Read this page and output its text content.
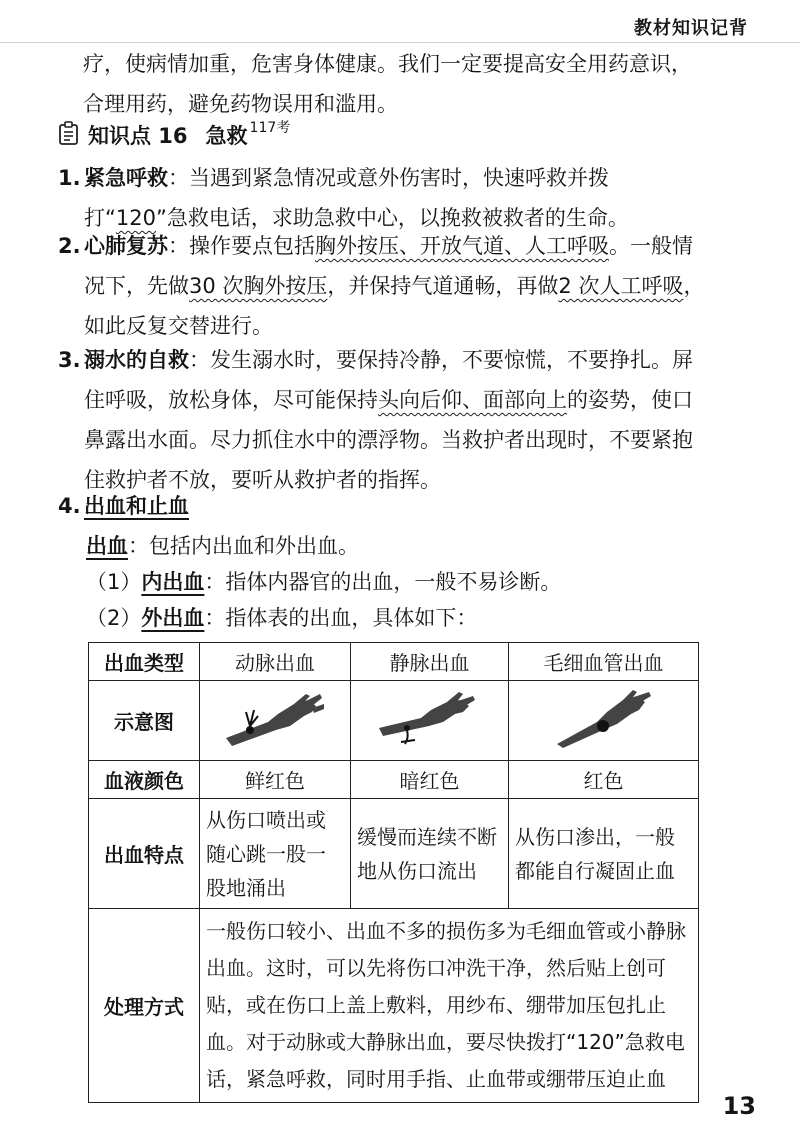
教材知识记背

疗，使病情加重，危害身体健康。我们一定要提高安全用药意识，合理用药，避免药物误用和滥用。

知识点 16 急救$^{117考}$
1. 紧急呼救：当遇到紧急情况或意外伤害时，快速呼救并拨打“120”急救电话，求助急救中心，以挽救被救者的生命。
2. 心肺复苏：操作要点包括胸外按压、开放气道、人工呼吸。一般情况下，先做30 次胸外按压，并保持气道通畅，再做2 次人工呼吸，如此反复交替进行。
3. 溺水的自救：发生溺水时，要保持冷静，不要惊慌，不要挣扎。屏住呼吸，放松身体，尽可能保持头向后仰、面部向上的姿势，使口鼻露出水面。尽力抓住水中的漂浮物。当救护者出现时，不要紧抱住救护者不放，要听从救护者的指挥。
4. 出血和止血
出血：包括内出血和外出血。
（1）内出血：指体内器官的出血，一般不易诊断。
（2）外出血：指体表的出血，具体如下：
出血类型	动脉出血	静脉出血	毛细血管出血
示意图			
血液颜色	鲜红色	暗红色	红色
出血特点	从伤口喷出或随心跳一股一股地涌出	缓慢而连续不断地从伤口流出	从伤口渗出，一般都能自行凝固止血
处理方式	一般伤口较小、出血不多的损伤多为毛细血管或小静脉出血。这时，可以先将伤口冲洗干净，然后贴上创可贴，或在伤口上盖上敷料，用纱布、绷带加压包扎止血。对于动脉或大静脉出血，要尽快拨打“120”急救电话，紧急呼救，同时用手指、止血带或绷带压迫止血		
13
